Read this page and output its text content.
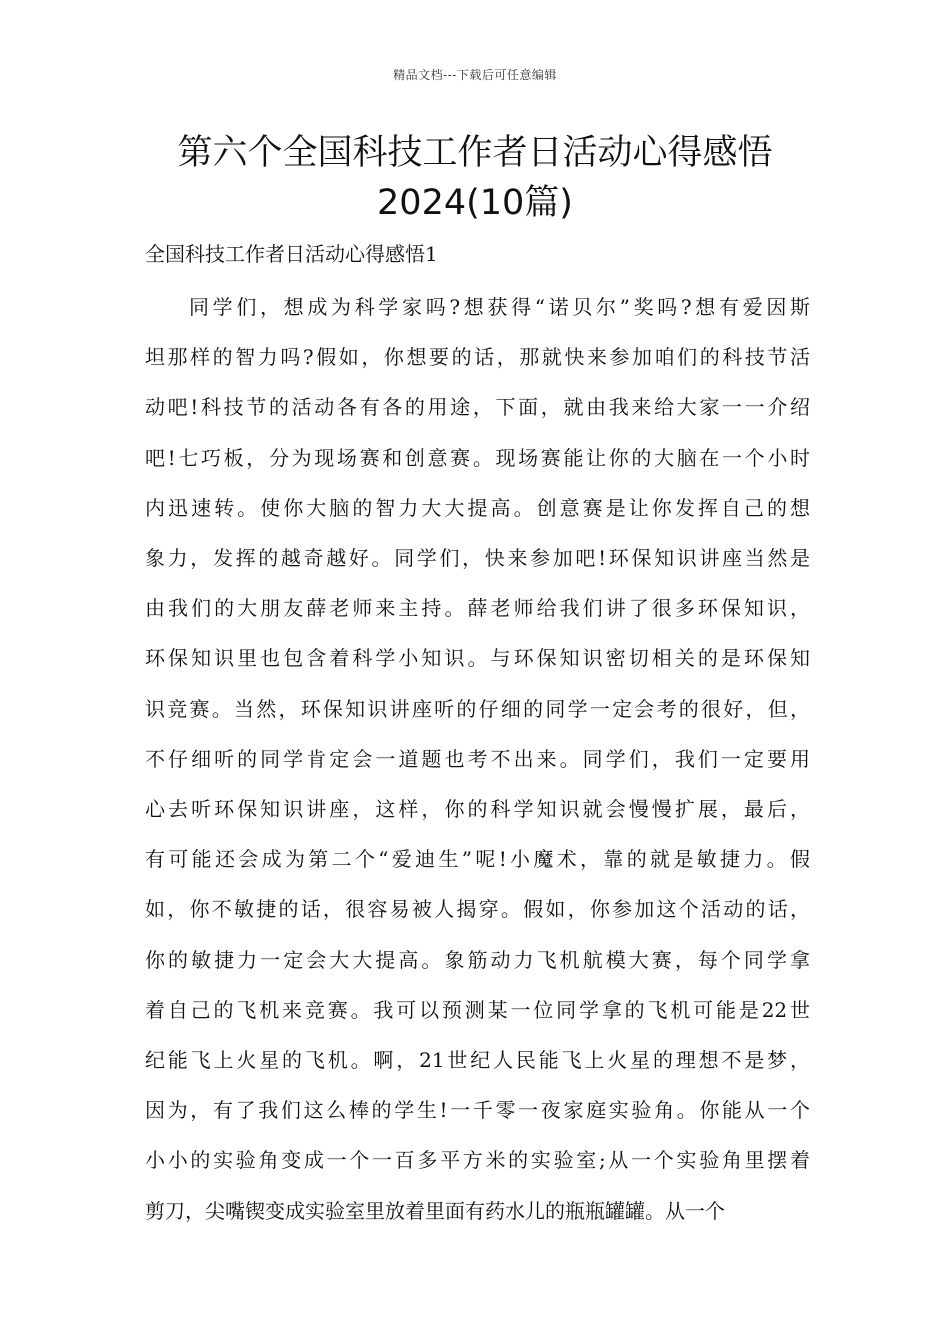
精品文档---下载后可任意编辑
第六个全国科技工作者日活动心得感悟
2024(10篇)

全国科技工作者日活动心得感悟1

同学们，想成为科学家吗?想获得“诺贝尔”奖吗?想有爱因斯
坦那样的智力吗?假如，你想要的话，那就快来参加咱们的科技节活
动吧!科技节的活动各有各的用途，下面，就由我来给大家一一介绍
吧!七巧板，分为现场赛和创意赛。现场赛能让你的大脑在一个小时
内迅速转。使你大脑的智力大大提高。创意赛是让你发挥自己的想
象力，发挥的越奇越好。同学们，快来参加吧!环保知识讲座当然是
由我们的大朋友薛老师来主持。薛老师给我们讲了很多环保知识，
环保知识里也包含着科学小知识。与环保知识密切相关的是环保知
识竞赛。当然，环保知识讲座听的仔细的同学一定会考的很好，但，
不仔细听的同学肯定会一道题也考不出来。同学们，我们一定要用
心去听环保知识讲座，这样，你的科学知识就会慢慢扩展，最后，
有可能还会成为第二个“爱迪生”呢!小魔术，靠的就是敏捷力。假
如，你不敏捷的话，很容易被人揭穿。假如，你参加这个活动的话，
你的敏捷力一定会大大提高。象筋动力飞机航模大赛，每个同学拿
着自己的飞机来竞赛。我可以预测某一位同学拿的飞机可能是22世
纪能飞上火星的飞机。啊，21世纪人民能飞上火星的理想不是梦，
因为，有了我们这么棒的学生!一千零一夜家庭实验角。你能从一个
小小的实验角变成一个一百多平方米的实验室;从一个实验角里摆着
剪刀，尖嘴锲变成实验室里放着里面有药水儿的瓶瓶罐罐。从一个
